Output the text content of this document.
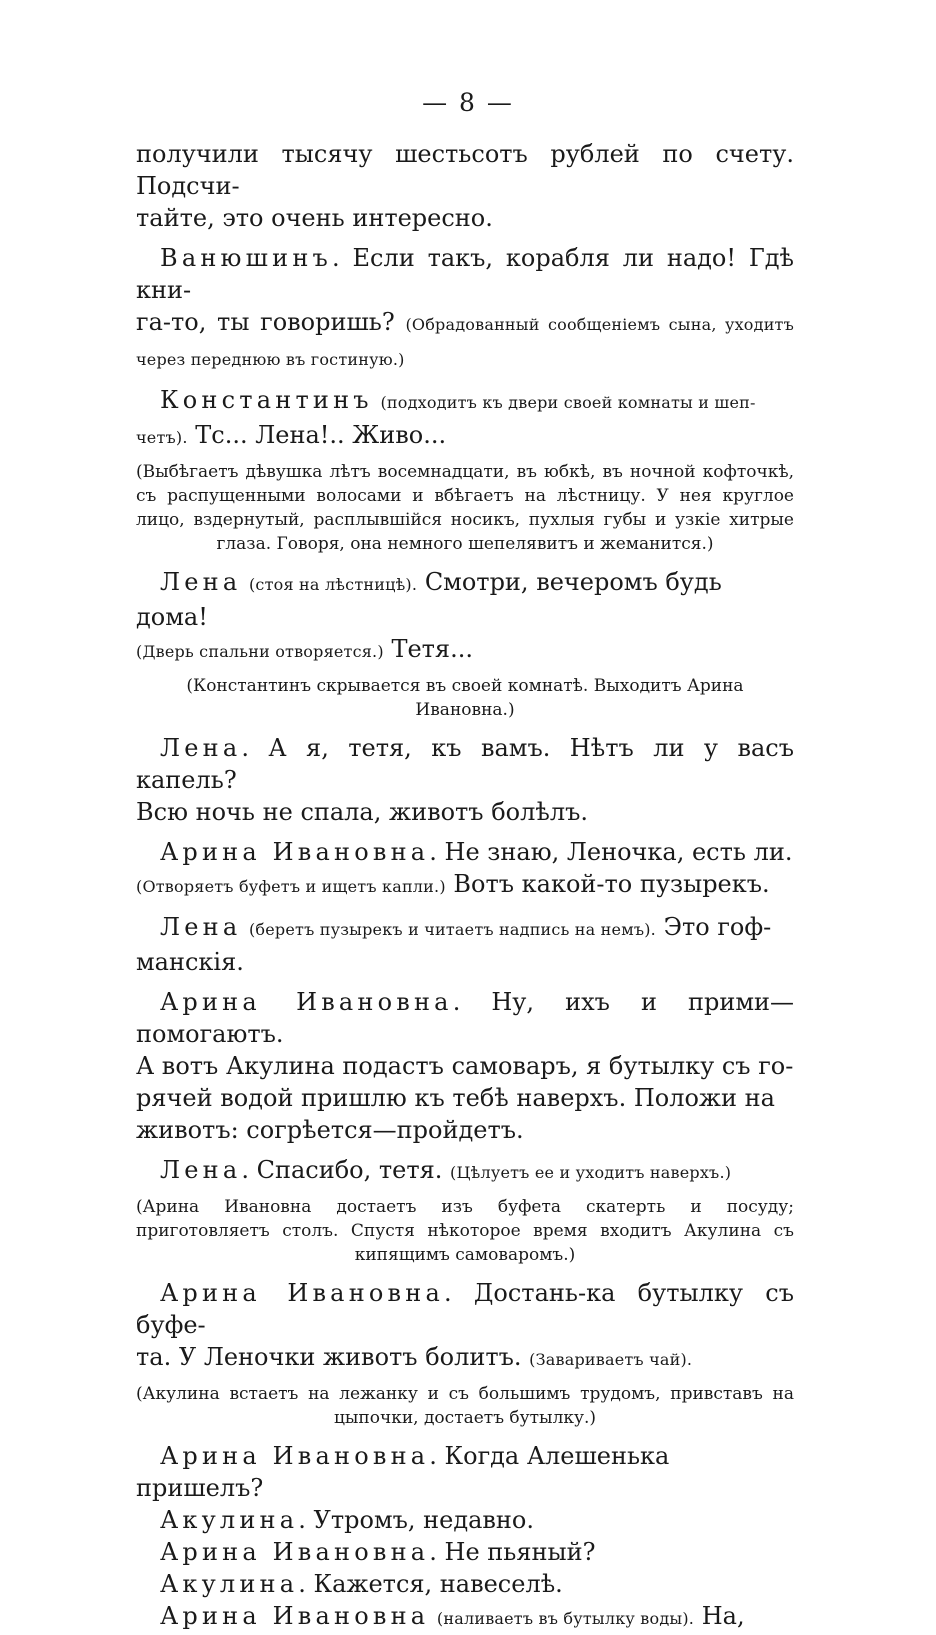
— 8 —

получили тысячу шестьсотъ рублей по счету. Подсчи-

тайте, это очень интересно.

Ванюшинъ. Если такъ, корабля ли надо! Гдѣ кни-

га-то, ты говоришь? (Обрадованный сообщеніемъ сына, уходитъ через переднюю въ гостиную.)

Константинъ (подходитъ къ двери своей комнаты и шеп-

четъ). Тс... Лена!.. Живо...

(Выбѣгаетъ дѣвушка лѣтъ восемнадцати, въ юбкѣ, въ ночной кофточкѣ, съ распущенными волосами и вбѣгаетъ на лѣстницу. У нея круглое лицо, вздернутый, расплывшійся носикъ, пухлыя губы и узкіе хитрые глаза. Говоря, она немного шепелявитъ и жеманится.)

Лена (стоя на лѣстницѣ). Смотри, вечеромъ будь дома!

(Дверь спальни отворяется.) Тетя...

(Константинъ скрывается въ своей комнатѣ. Выходитъ Арина Ивановна.)

Лена. А я, тетя, къ вамъ. Нѣтъ ли у васъ капель?

Всю ночь не спала, животъ болѣлъ.

Арина Ивановна. Не знаю, Леночка, есть ли.

(Отворяетъ буфетъ и ищетъ капли.) Вотъ какой-то пузырекъ.

Лена (беретъ пузырекъ и читаетъ надпись на немъ). Это гоф-

манскія.

Арина Ивановна. Ну, ихъ и прими—помогаютъ.

А вотъ Акулина подастъ самоваръ, я бутылку съ го-

рячей водой пришлю къ тебѣ наверхъ. Положи на

животъ: согрѣется—пройдетъ.

Лена. Спасибо, тетя. (Цѣлуетъ ее и уходитъ наверхъ.)

(Арина Ивановна достаетъ изъ буфета скатерть и посуду; приготовляетъ столъ. Спустя нѣкоторое время входитъ Акулина съ кипящимъ самоваромъ.)

Арина Ивановна. Достань-ка бутылку съ буфе-

та. У Леночки животъ болитъ. (Завариваетъ чай).

(Акулина встаетъ на лежанку и съ большимъ трудомъ, привставъ на цыпочки, достаетъ бутылку.)

Арина Ивановна. Когда Алешенька пришелъ?

Акулина. Утромъ, недавно.

Арина Ивановна. Не пьяный?

Акулина. Кажется, навеселѣ.

Арина Ивановна (наливаетъ въ бутылку воды). На,
